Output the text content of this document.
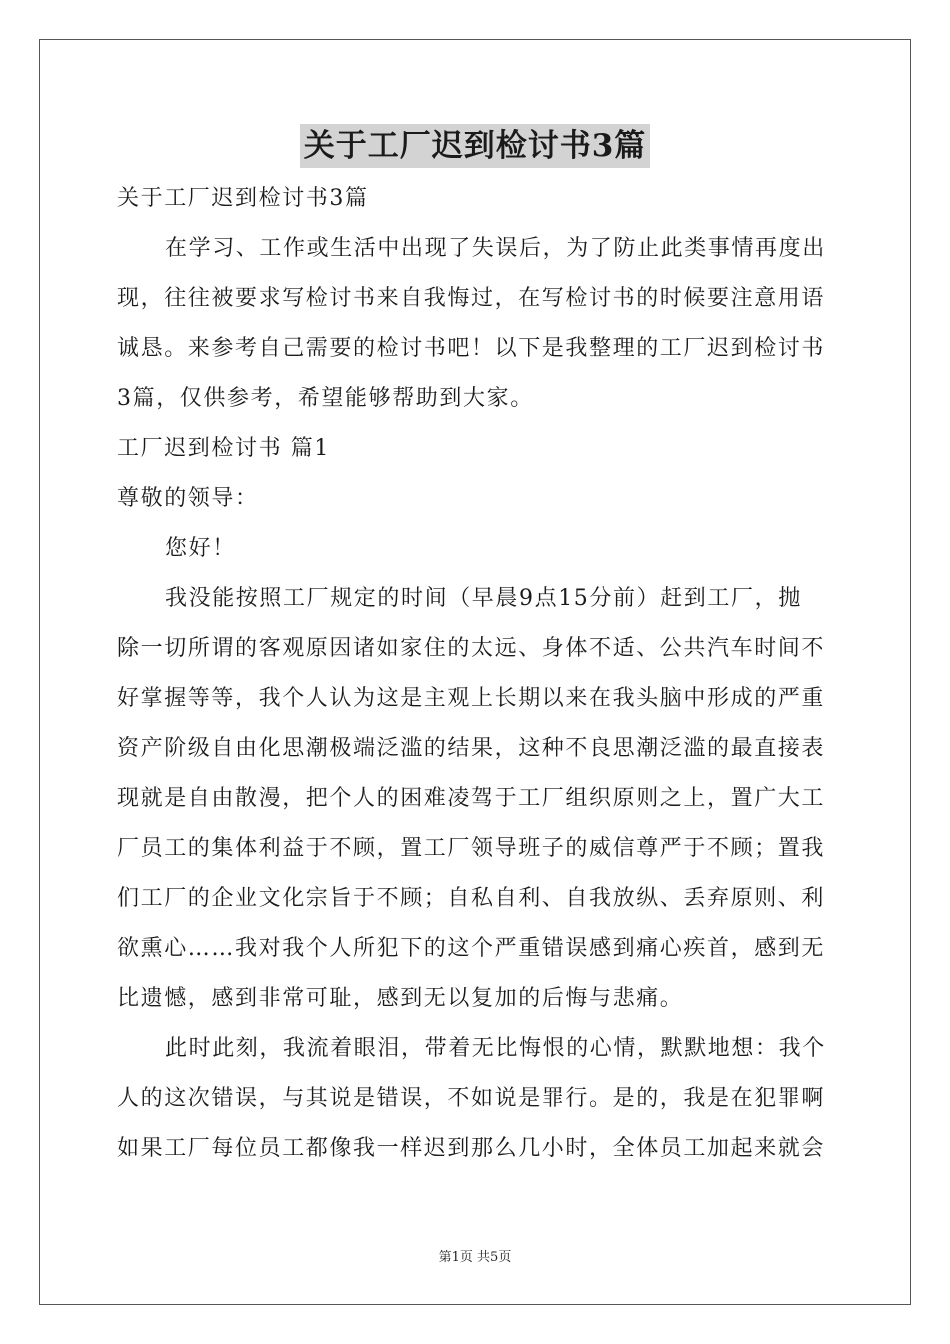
关于工厂迟到检讨书3篇

关于工厂迟到检讨书3篇

在学习、工作或生活中出现了失误后，为了防止此类事情再度出

现，往往被要求写检讨书来自我悔过，在写检讨书的时候要注意用语

诚恳。来参考自己需要的检讨书吧！以下是我整理的工厂迟到检讨书

3篇，仅供参考，希望能够帮助到大家。

工厂迟到检讨书 篇1

尊敬的领导：

您好！

我没能按照工厂规定的时间（早晨9点15分前）赶到工厂，抛

除一切所谓的客观原因诸如家住的太远、身体不适、公共汽车时间不

好掌握等等，我个人认为这是主观上长期以来在我头脑中形成的严重

资产阶级自由化思潮极端泛滥的结果，这种不良思潮泛滥的最直接表

现就是自由散漫，把个人的困难凌驾于工厂组织原则之上，置广大工

厂员工的集体利益于不顾，置工厂领导班子的威信尊严于不顾；置我

们工厂的企业文化宗旨于不顾；自私自利、自我放纵、丢弃原则、利

欲熏心……我对我个人所犯下的这个严重错误感到痛心疾首，感到无

比遗憾，感到非常可耻，感到无以复加的后悔与悲痛。

此时此刻，我流着眼泪，带着无比悔恨的心情，默默地想：我个

人的这次错误，与其说是错误，不如说是罪行。是的，我是在犯罪啊

如果工厂每位员工都像我一样迟到那么几小时，全体员工加起来就会

第1页 共5页
